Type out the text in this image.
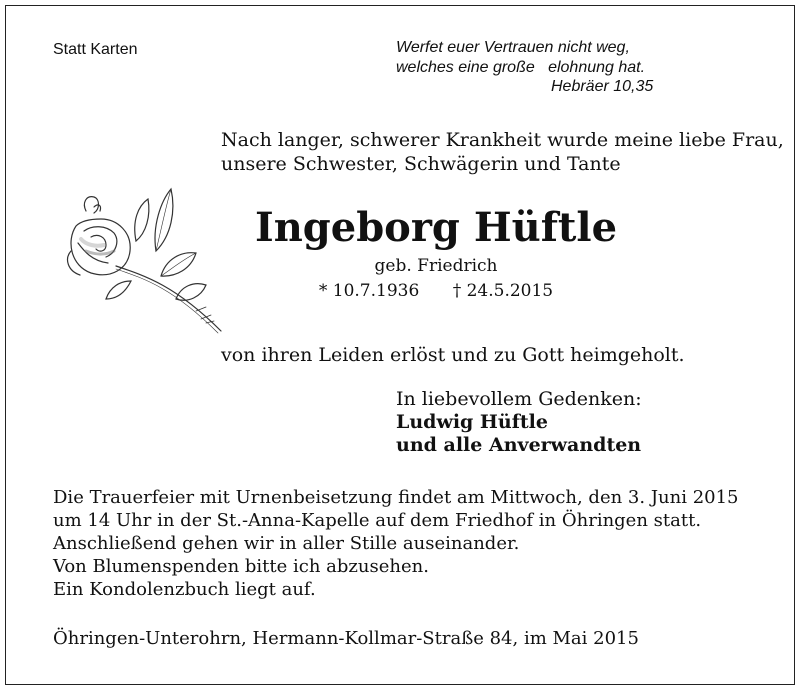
Statt Karten	Werfet euer Vertrauen nicht weg,
welches eine große   elohnung hat.
Hebräer 10,35
Nach langer, schwerer Krankheit wurde meine liebe Frau,
unsere Schwester, Schwägerin und Tante
Ingeborg Hüftle
geb. Friedrich
* 10.7.1936 † 24.5.2015
von ihren Leiden erlöst und zu Gott heimgeholt.
In liebevollem Gedenken:
Ludwig Hüftle
und alle Anverwandten
Die Trauerfeier mit Urnenbeisetzung findet am Mittwoch, den 3. Juni 2015
um 14 Uhr in der St.-Anna-Kapelle auf dem Friedhof in Öhringen statt.
Anschließend gehen wir in aller Stille auseinander.
Von Blumenspenden bitte ich abzusehen.
Ein Kondolenzbuch liegt auf.
Öhringen-Unterohrn, Hermann-Kollmar-Straße 84, im Mai 2015
